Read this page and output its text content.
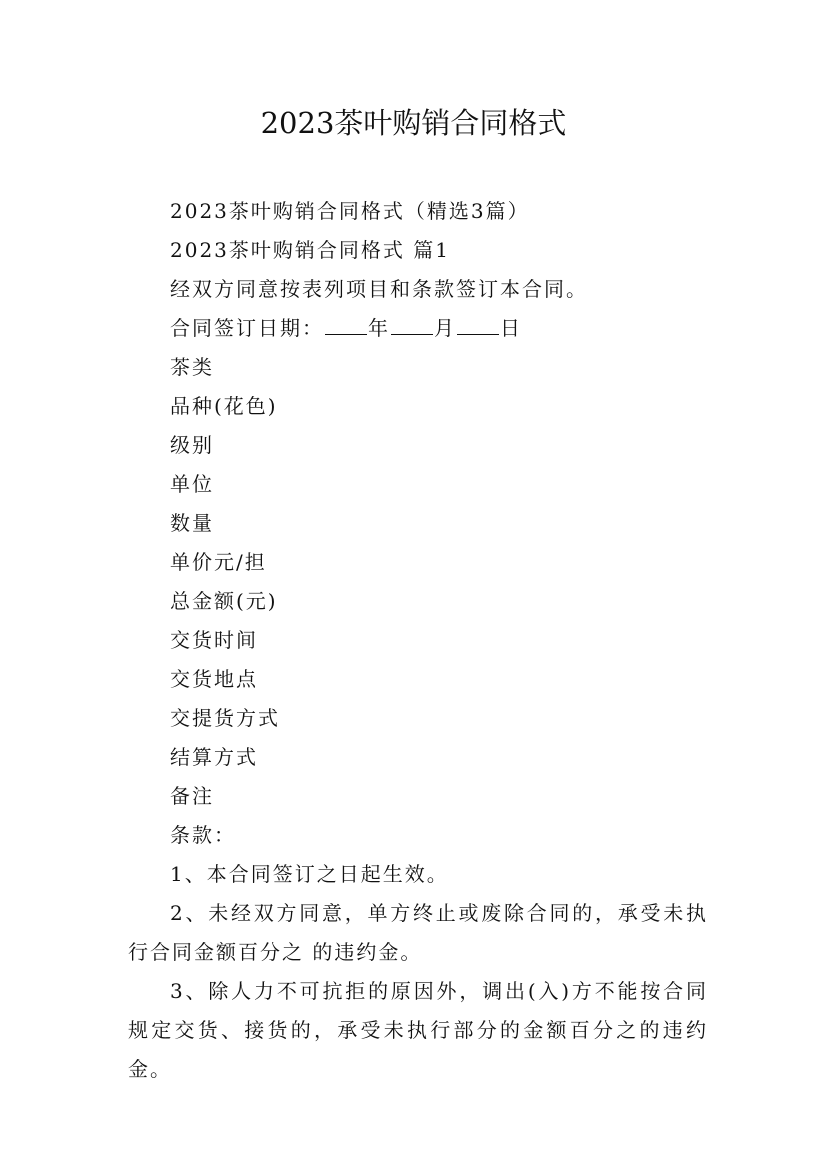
2023茶叶购销合同格式
2023茶叶购销合同格式（精选3篇）
2023茶叶购销合同格式 篇1
经双方同意按表列项目和条款签订本合同。
合同签订日期： 年 月 日
茶类
品种(花色)
级别
单位
数量
单价元/担
总金额(元)
交货时间
交货地点
交提货方式
结算方式
备注
条款：
1、本合同签订之日起生效。
2、未经双方同意，单方终止或废除合同的，承受未执行合同金额百分之 的违约金。
3、除人力不可抗拒的原因外，调出(入)方不能按合同规定交货、接货的，承受未执行部分的金额百分之的违约金。
